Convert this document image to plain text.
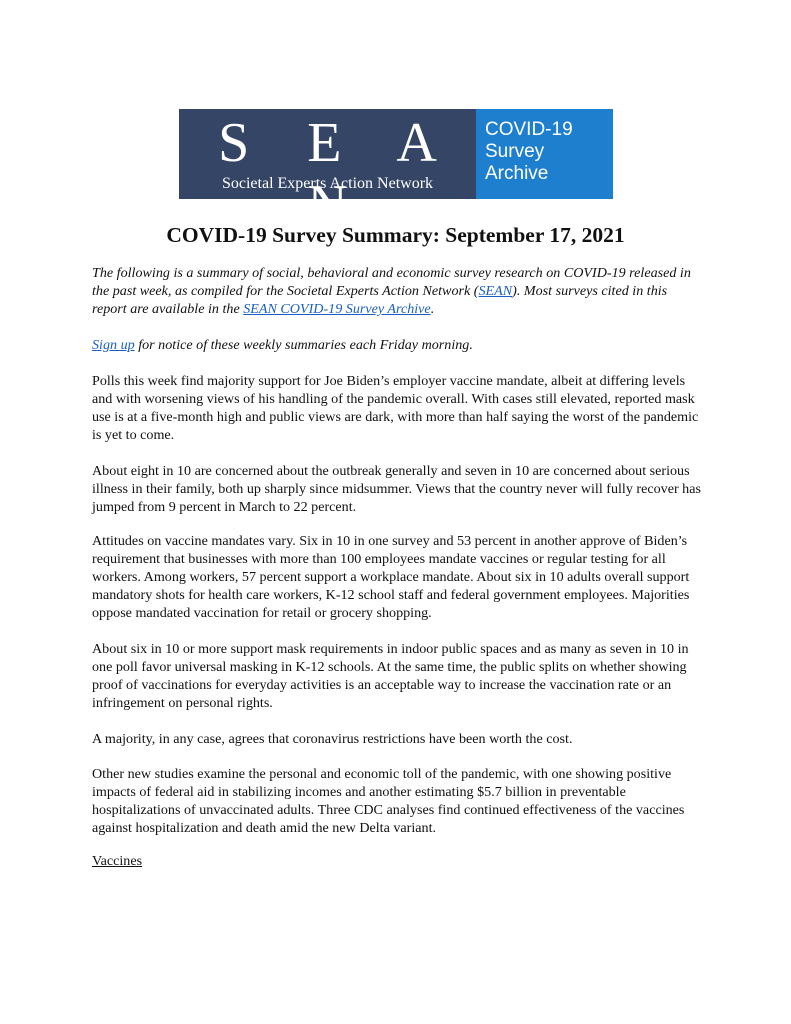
S E A N
Societal Experts Action Network
COVID-19
Survey
Archive
COVID-19 Survey Summary: September 17, 2021

The following is a summary of social, behavioral and economic survey research on COVID-19 released in the past week, as compiled for the Societal Experts Action Network (SEAN). Most surveys cited in this report are available in the SEAN COVID-19 Survey Archive.

Sign up for notice of these weekly summaries each Friday morning.

Polls this week find majority support for Joe Biden’s employer vaccine mandate, albeit at differing levels and with worsening views of his handling of the pandemic overall. With cases still elevated, reported mask use is at a five-month high and public views are dark, with more than half saying the worst of the pandemic is yet to come.

About eight in 10 are concerned about the outbreak generally and seven in 10 are concerned about serious illness in their family, both up sharply since midsummer. Views that the country never will fully recover has jumped from 9 percent in March to 22 percent.

Attitudes on vaccine mandates vary. Six in 10 in one survey and 53 percent in another approve of Biden’s requirement that businesses with more than 100 employees mandate vaccines or regular testing for all workers. Among workers, 57 percent support a workplace mandate. About six in 10 adults overall support mandatory shots for health care workers, K-12 school staff and federal government employees. Majorities oppose mandated vaccination for retail or grocery shopping.

About six in 10 or more support mask requirements in indoor public spaces and as many as seven in 10 in one poll favor universal masking in K-12 schools. At the same time, the public splits on whether showing proof of vaccinations for everyday activities is an acceptable way to increase the vaccination rate or an infringement on personal rights.

A majority, in any case, agrees that coronavirus restrictions have been worth the cost.

Other new studies examine the personal and economic toll of the pandemic, with one showing positive impacts of federal aid in stabilizing incomes and another estimating $5.7 billion in preventable hospitalizations of unvaccinated adults. Three CDC analyses find continued effectiveness of the vaccines against hospitalization and death amid the new Delta variant.

Vaccines
